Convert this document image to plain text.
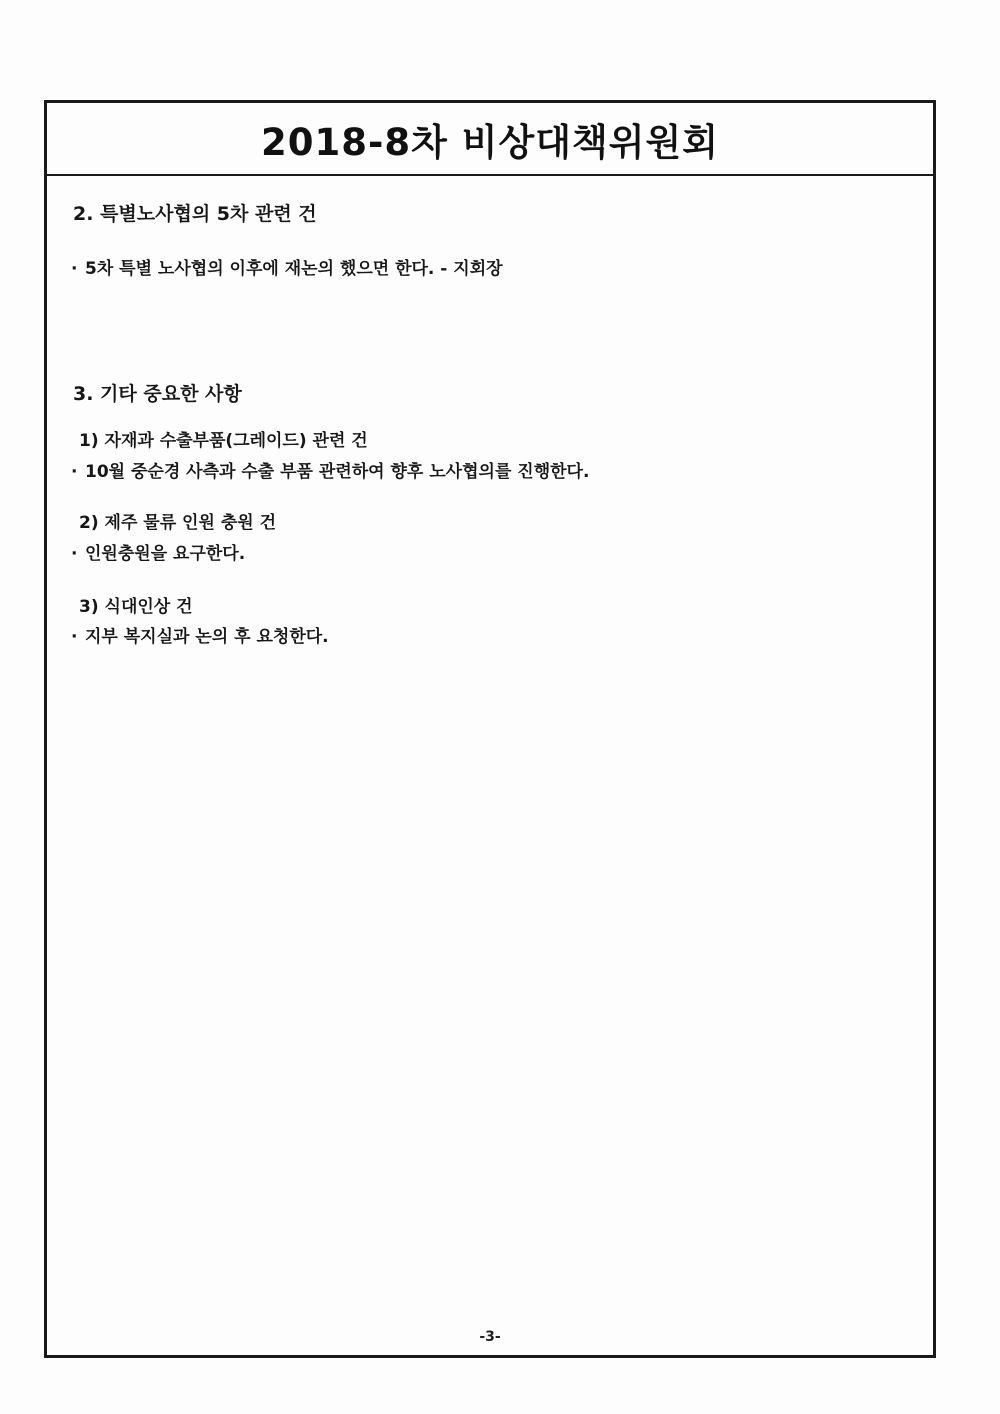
2018-8차 비상대책위원회
2. 특별노사협의 5차 관련 건
· 5차 특별 노사협의 이후에 재논의 했으면 한다. - 지회장
3. 기타 중요한 사항
1) 자재과 수출부품(그레이드) 관련 건
· 10월 중순경 사측과 수출 부품 관련하여 향후 노사협의를 진행한다.
2) 제주 물류 인원 충원 건
· 인원충원을 요구한다.
3) 식대인상 건
· 지부 복지실과 논의 후 요청한다.
-3-
